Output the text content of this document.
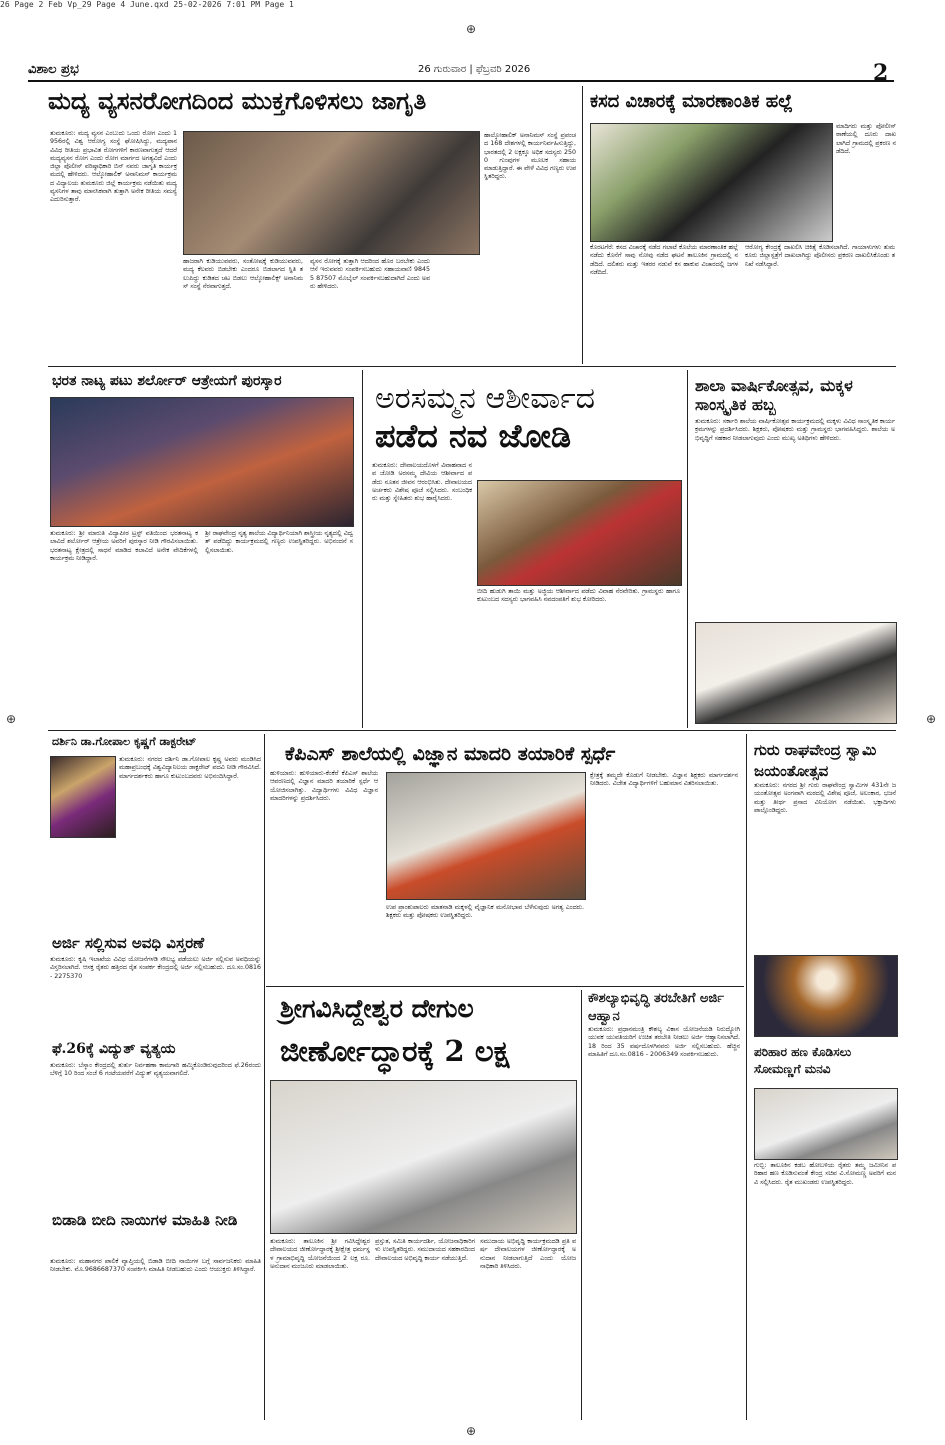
26 Page 2 Feb Vp_29 Page 4 June.qxd 25-02-2026 7:01 PM Page 1
ವಿಶಾಲ ಪ್ರಭ	26 ಗುರುವಾರ | ಫೆಬ್ರವರಿ 2026	2
⊕
⊕	⊕
⊕
ಮದ್ಯ ವ್ಯಸನರೋಗದಿಂದ ಮುಕ್ತಗೊಳಿಸಲು ಜಾಗೃತಿ
ತುಮಕೂರು: ಮದ್ಯ ವ್ಯಸನ ಎಂಬುದು ಒಂದು ರೋಗ ಎಂದು 1956ರಲ್ಲಿ ವಿಶ್ವ ಆರೋಗ್ಯ ಸಂಸ್ಥೆ ಘೋಷಿಸಿದ್ದು, ಮದ್ಯಪಾನ ವಿವಿಧ ರೀತಿಯ ಪ್ರಭಾವಿತ ರೋಗಗಳಿಗೆ ಕಾರಣವಾಗುತ್ತದೆ ಆದರೆ ಮದ್ಯವ್ಯಸನ ರೋಗ ಎಂದು ರೋಗ ಮಾರ್ಗದ ಅಗತ್ಯವಿದೆ ಎಂದು ಜಿಲ್ಲಾ ಪೊಲೀಸ್ ವರಿಷ್ಠಾಧಿಕಾರಿ ಬಿನ್ ನವರು ಜಾಗೃತಿ ಕಾರ್ಯಕ್ರಮದಲ್ಲಿ ಹೇಳಿದರು. ಆಲ್ಕೋಹಾಲಿಕ್ ಅನಾನಿಮಸ್ ಕಾರ್ಯಕ್ರಮದ ವಿದ್ಯಾಲಯ ತುಮಕೂರು ಜಿಲ್ಲೆ ಕಾರ್ಯಕ್ರಮ ನಡೆಯಿತು ಮದ್ಯ ವ್ಯಸನಿಗಳ ತಾವು ಮಾನಸಿಕವಾಗಿ ತುತ್ತಾಗಿ ಅನೇಕ ರೀತಿಯ ಸಮಸ್ಯೆ ಎದುರಿಸುತ್ತಾರೆ.
ಹಾಜರಾಗಿ ಕುಡಿಯುವವರು, ಸಂತೋಷಕ್ಕೆ ಕುಡಿಯುವವರು, ಮದ್ಯ ಕೆಲವರು ಬಿಡಬೇಕು ಎಂದರೂ ಬಿಡಲಾಗದ ಸ್ಥಿತಿ ತಲುಪಿದ್ದು ಕುಡಿತದ ಚಟ ಬಿಡಲು ಆಲ್ಕೋಹಾಲಿಕ್ಸ್ ಅನಾನಿಮಸ್ ಸಂಸ್ಥೆ ನೆರವಾಗುತ್ತದೆ.
ವ್ಯಸನ ರೋಗಕ್ಕೆ ತುತ್ತಾಗಿ ಆದರಿಂದ ಹೊರ ಬರಬೇಕು ಎಂದು ಆಸೆ ಇರುವವರು ಸಂಪರ್ಕಿಸಬಹುದು ಸಹಾಯವಾಣಿ 98455 87507 ಮೊಬೈಲ್ ಸಂಪರ್ಕಿಸಬಹುದಾಗಿದೆ ಎಂದು ಅವರು ಹೇಳಿದರು.
ಹಾಲ್ಕೋಹಾಲಿಕ್ ಅನಾನಿಮಸ್ ಸಂಸ್ಥೆ ಪ್ರಪಂಚದ 168 ದೇಶಗಳಲ್ಲಿ ಕಾರ್ಯನಿರ್ವಹಿಸುತ್ತಿದ್ದು, ಭಾರತದಲ್ಲಿ 2 ಲಕ್ಷಕ್ಕೂ ಅಧಿಕ ಸದಸ್ಯರು 2500 ಗುಂಪುಗಳ ಮೂಲಕ ಸಹಾಯ ಮಾಡುತ್ತಿದ್ದಾರೆ. ಈ ವೇಳೆ ವಿವಿಧ ಗಣ್ಯರು ಉಪಸ್ಥಿತರಿದ್ದರು.
ಕಸದ ವಿಚಾರಕ್ಕೆ ಮಾರಣಾಂತಿಕ ಹಲ್ಲೆ
ಮಾದಿಗರು ಮತ್ತು ಪೋಲೀಸ್ ಠಾಣೆಯಲ್ಲಿ ದೂರು ದಾಖಲಾಗಿದೆ ಗ್ರಾಮದಲ್ಲಿ ಪ್ರಕರಣ ನಡೆದಿದೆ.
ಕೊರಟಗೆರೆ: ಕಸದ ವಿಚಾರಕ್ಕೆ ನಡೆದ ಗಲಾಟೆ ಕೊಲೆಯ ಮಾರಣಾಂತಿಕ ಹಲ್ಲೆ ನಡೆದು ಕೊನೆಗೆ ಸಾವು ನೋವು ನಡೆದ ಘಟನೆ ತಾಲೂಕಿನ ಗ್ರಾಮದಲ್ಲಿ ನಡೆದಿದೆ. ದಲಿತರು ಮತ್ತು ಇತರರ ನಡುವೆ ಕಸ ಹಾಕುವ ವಿಚಾರದಲ್ಲಿ ಜಗಳ ನಡೆದಿದೆ.
ಆರೋಗ್ಯ ಕೇಂದ್ರಕ್ಕೆ ದಾಖಲಿಸಿ ಚಿಕಿತ್ಸೆ ಕೊಡಿಸಲಾಗಿದೆ. ಗಾಯಾಳುಗಳು ತುಮಕೂರು ಜಿಲ್ಲಾಸ್ಪತ್ರೆಗೆ ದಾಖಲಾಗಿದ್ದು ಪೊಲೀಸರು ಪ್ರಕರಣ ದಾಖಲಿಸಿಕೊಂಡು ತನಿಖೆ ನಡೆಸಿದ್ದಾರೆ.
ಭರತ ನಾಟ್ಯ ಪಟು ಶರ್ಲೋರ್ ಆತ್ರೇಯಗೆ ಪುರಸ್ಕಾರ
ತುಮಕೂರು: ಶ್ರೀ ಮಾರುತಿ ವಿದ್ಯಾಪೀಠ ಟ್ರಸ್ಟ್ ವತಿಯಿಂದ ಭರತನಾಟ್ಯ ಕಲಾವಿದೆ ಶರ್ಲೋರ್ ಆತ್ರೇಯ ಅವರಿಗೆ ಪುರಸ್ಕಾರ ನೀಡಿ ಗೌರವಿಸಲಾಯಿತು. ಭರತನಾಟ್ಯ ಕ್ಷೇತ್ರದಲ್ಲಿ ಸಾಧನೆ ಮಾಡಿದ ಕಲಾವಿದೆ ಅನೇಕ ವೇದಿಕೆಗಳಲ್ಲಿ ಕಾರ್ಯಕ್ರಮ ನೀಡಿದ್ದಾರೆ.
ಶ್ರೀ ರಾಘವೇಂದ್ರ ನೃತ್ಯ ಶಾಲೆಯ ವಿದ್ಯಾರ್ಥಿನಿಯಾಗಿ ಶಾಸ್ತ್ರೀಯ ನೃತ್ಯದಲ್ಲಿ ವಿದ್ವತ್ ಪಡೆದಿದ್ದು ಕಾರ್ಯಕ್ರಮದಲ್ಲಿ ಗಣ್ಯರು ಉಪಸ್ಥಿತರಿದ್ದರು. ಅಭಿನಂದನೆ ಸಲ್ಲಿಸಲಾಯಿತು.
ಅರಸಮ್ಮನ ಆಶೀರ್ವಾದ
ಪಡೆದ ನವ ಜೋಡಿ
ತುಮಕೂರು: ದೇವಾಲಯದೊಳಗೆ ವಿವಾಹವಾದ ನವ ಜೋಡಿ ಅರಸಮ್ಮ ದೇವಿಯ ಆಶೀರ್ವಾದ ಪಡೆದು ನೂತನ ಜೀವನ ಆರಂಭಿಸಿತು. ದೇವಾಲಯದ ಅರ್ಚಕರು ವಿಶೇಷ ಪೂಜೆ ಸಲ್ಲಿಸಿದರು. ಸಂಬಂಧಿಕರು ಮತ್ತು ಸ್ನೇಹಿತರು ಶುಭ ಹಾರೈಸಿದರು.
ಬೀದಿ ಹುಡುಗಿ ತಾಯಿ ಮತ್ತು ಅಜ್ಜಿಯ ಆಶೀರ್ವಾದ ಪಡೆದು ವಿವಾಹ ನೆರವೇರಿತು. ಗ್ರಾಮಸ್ಥರು ಹಾಗೂ ಕುಟುಂಬದ ಸದಸ್ಯರು ಭಾಗವಹಿಸಿ ನವದಂಪತಿಗೆ ಶುಭ ಕೋರಿದರು.
ಶಾಲಾ ವಾರ್ಷಿಕೋತ್ಸವ, ಮಕ್ಕಳ ಸಾಂಸ್ಕೃತಿಕ ಹಬ್ಬ
ತುಮಕೂರು: ಸರ್ಕಾರಿ ಶಾಲೆಯ ವಾರ್ಷಿಕೋತ್ಸವ ಕಾರ್ಯಕ್ರಮದಲ್ಲಿ ಮಕ್ಕಳು ವಿವಿಧ ಸಾಂಸ್ಕೃತಿಕ ಕಾರ್ಯಕ್ರಮಗಳನ್ನು ಪ್ರದರ್ಶಿಸಿದರು. ಶಿಕ್ಷಕರು, ಪೋಷಕರು ಮತ್ತು ಗ್ರಾಮಸ್ಥರು ಭಾಗವಹಿಸಿದ್ದರು. ಶಾಲೆಯ ಅಭಿವೃದ್ಧಿಗೆ ಸಹಕಾರ ನೀಡಲಾಗುವುದು ಎಂದು ಮುಖ್ಯ ಅತಿಥಿಗಳು ಹೇಳಿದರು.
ದರ್ಶಿನಿ ಡಾ.ಗೋಪಾಲ ಕೃಷ್ಣಗೆ ಡಾಕ್ಟರೇಟ್
ತುಮಕೂರು: ನಗರದ ದರ್ಶಿನಿ ಡಾ.ಗೋಪಾಲ ಕೃಷ್ಣ ಅವರು ಮಂಡಿಸಿದ ಮಹಾಪ್ರಬಂಧಕ್ಕೆ ವಿಶ್ವವಿದ್ಯಾನಿಲಯ ಡಾಕ್ಟರೇಟ್ ಪದವಿ ನೀಡಿ ಗೌರವಿಸಿದೆ. ಮಾರ್ಗದರ್ಶಕರು ಹಾಗೂ ಕುಟುಂಬದವರು ಅಭಿನಂದಿಸಿದ್ದಾರೆ.
ಅರ್ಜಿ ಸಲ್ಲಿಸುವ ಅವಧಿ ವಿಸ್ತರಣೆ
ತುಮಕೂರು: ಕೃಷಿ ಇಲಾಖೆಯ ವಿವಿಧ ಯೋಜನೆಗಳಡಿ ಸೌಲಭ್ಯ ಪಡೆಯಲು ಅರ್ಜಿ ಸಲ್ಲಿಸುವ ಅವಧಿಯನ್ನು ವಿಸ್ತರಿಸಲಾಗಿದೆ. ಆಸಕ್ತ ರೈತರು ಹತ್ತಿರದ ರೈತ ಸಂಪರ್ಕ ಕೇಂದ್ರದಲ್ಲಿ ಅರ್ಜಿ ಸಲ್ಲಿಸಬಹುದು. ದೂ.ಸಂ.0816 - 2275370
ಫೆ.26ಕ್ಕೆ ವಿದ್ಯುತ್ ವ್ಯತ್ಯಯ
ತುಮಕೂರು: ಬೆಸ್ಕಾಂ ಕೇಂದ್ರದಲ್ಲಿ ತುರ್ತು ನಿರ್ವಹಣಾ ಕಾಮಗಾರಿ ಹಮ್ಮಿಕೊಂಡಿರುವುದರಿಂದ ಫೆ.26ರಂದು ಬೆಳಿಗ್ಗೆ 10 ರಿಂದ ಸಂಜೆ 6 ಗಂಟೆಯವರೆಗೆ ವಿದ್ಯುತ್ ವ್ಯತ್ಯಯವಾಗಲಿದೆ.
ಬಿಡಾಡಿ ಬೀದಿ ನಾಯಿಗಳ ಮಾಹಿತಿ ನೀಡಿ
ತುಮಕೂರು: ಮಹಾನಗರ ಪಾಲಿಕೆ ವ್ಯಾಪ್ತಿಯಲ್ಲಿ ಬಿಡಾಡಿ ಬೀದಿ ನಾಯಿಗಳ ಬಗ್ಗೆ ಸಾರ್ವಜನಿಕರು ಮಾಹಿತಿ ನೀಡಬೇಕು. ಮೊ.9686687370 ಸಂಪರ್ಕಿಸಿ ಮಾಹಿತಿ ನೀಡಬಹುದು ಎಂದು ಆಯುಕ್ತರು ತಿಳಿಸಿದ್ದಾರೆ.
ಕೆಪಿಎಸ್ ಶಾಲೆಯಲ್ಲಿ ವಿಜ್ಞಾನ ಮಾದರಿ ತಯಾರಿಕೆ ಸ್ಪರ್ಧೆ
ಹುಳಿಯಾರು: ಹುಳಿಯಾರು-ಕೆಂಕೆರೆ ಕೆಪಿಎಸ್ ಶಾಲೆಯ ಆವರಣದಲ್ಲಿ ವಿಜ್ಞಾನ ಮಾದರಿ ತಯಾರಿಕೆ ಸ್ಪರ್ಧೆ ಆಯೋಜಿಸಲಾಗಿತ್ತು. ವಿದ್ಯಾರ್ಥಿಗಳು ವಿವಿಧ ವಿಜ್ಞಾನ ಮಾದರಿಗಳನ್ನು ಪ್ರದರ್ಶಿಸಿದರು.
ಉಪ ಪ್ರಾಂಶುಪಾಲರು ಮಾತನಾಡಿ ಮಕ್ಕಳಲ್ಲಿ ವೈಜ್ಞಾನಿಕ ಮನೋಭಾವ ಬೆಳೆಸುವುದು ಅಗತ್ಯ ಎಂದರು. ಶಿಕ್ಷಕರು ಮತ್ತು ಪೋಷಕರು ಉಪಸ್ಥಿತರಿದ್ದರು.
ಕ್ಷೇತ್ರಕ್ಕೆ ತಮ್ಮದೇ ಕೊಡುಗೆ ನೀಡಬೇಕು. ವಿಜ್ಞಾನ ಶಿಕ್ಷಕರು ಮಾರ್ಗದರ್ಶನ ನೀಡಿದರು. ವಿಜೇತ ವಿದ್ಯಾರ್ಥಿಗಳಿಗೆ ಬಹುಮಾನ ವಿತರಿಸಲಾಯಿತು.
ಗುರು ರಾಘವೇಂದ್ರ ಸ್ವಾಮಿ ಜಯಂತೋತ್ಸವ
ತುಮಕೂರು: ನಗರದ ಶ್ರೀ ಗುರು ರಾಘವೇಂದ್ರ ಸ್ವಾಮಿಗಳ 431ನೇ ಜಯಂತೋತ್ಸವ ಅಂಗವಾಗಿ ಮಠದಲ್ಲಿ ವಿಶೇಷ ಪೂಜೆ, ಅಲಂಕಾರ, ಭಜನೆ ಮತ್ತು ತೀರ್ಥ ಪ್ರಸಾದ ವಿನಿಯೋಗ ನಡೆಯಿತು. ಭಕ್ತಾದಿಗಳು ಪಾಲ್ಗೊಂಡಿದ್ದರು.
ಶ್ರೀಗವಿಸಿದ್ದೇಶ್ವರ ದೇಗುಲ
ಜೀರ್ಣೋದ್ಧಾರಕ್ಕೆ 2 ಲಕ್ಷ
ತುಮಕೂರು: ತಾಲೂಕಿನ ಶ್ರೀ ಗವಿಸಿದ್ದೇಶ್ವರ ದೇವಾಲಯದ ಜೀರ್ಣೋದ್ಧಾರಕ್ಕೆ ಶ್ರೀಕ್ಷೇತ್ರ ಧರ್ಮಸ್ಥಳ ಗ್ರಾಮಾಭಿವೃದ್ಧಿ ಯೋಜನೆಯಿಂದ 2 ಲಕ್ಷ ರೂ. ಅನುದಾನ ಮಂಜೂರು ಮಾಡಲಾಯಿತು.
ಪ್ರಸ್ತುತ, ಸಮಿತಿ ಕಾರ್ಯದರ್ಶಿ, ಯೋಜನಾಧಿಕಾರಿಗಳು ಉಪಸ್ಥಿತರಿದ್ದರು. ಸಮುದಾಯದ ಸಹಕಾರದಿಂದ ದೇವಾಲಯದ ಅಭಿವೃದ್ಧಿ ಕಾರ್ಯ ನಡೆಯುತ್ತಿದೆ.
ಸಮುದಾಯ ಅಭಿವೃದ್ಧಿ ಕಾರ್ಯಕ್ರಮದಡಿ ಪ್ರತಿ ವರ್ಷ ದೇವಾಲಯಗಳ ಜೀರ್ಣೋದ್ಧಾರಕ್ಕೆ ಅನುದಾನ ನೀಡಲಾಗುತ್ತಿದೆ ಎಂದು ಯೋಜನಾಧಿಕಾರಿ ತಿಳಿಸಿದರು.
ಕೌಶಲ್ಯಾಭಿವೃದ್ಧಿ ತರಬೇತಿಗೆ ಅರ್ಜಿ ಆಹ್ವಾನ
ತುಮಕೂರು: ಪ್ರಧಾನಮಂತ್ರಿ ಕೌಶಲ್ಯ ವಿಕಾಸ ಯೋಜನೆಯಡಿ ನಿರುದ್ಯೋಗಿ ಯುವಕ ಯುವತಿಯರಿಗೆ ಉಚಿತ ತರಬೇತಿ ನೀಡಲು ಅರ್ಜಿ ಆಹ್ವಾನಿಸಲಾಗಿದೆ. 18 ರಿಂದ 35 ವರ್ಷದೊಳಗಿನವರು ಅರ್ಜಿ ಸಲ್ಲಿಸಬಹುದು. ಹೆಚ್ಚಿನ ಮಾಹಿತಿಗೆ ದೂ.ಸಂ.0816 - 2006349 ಸಂಪರ್ಕಿಸಬಹುದು.	ಪರಿಹಾರ ಹಣ ಕೊಡಿಸಲು ಸೋಮಣ್ಣಗೆ ಮನವಿ
ಗುಬ್ಬಿ: ತಾಲೂಕಿನ ಕಡಬ ಹೋಬಳಿಯ ರೈತರು ತಮ್ಮ ಜಮೀನಿನ ಪರಿಹಾರ ಹಣ ಕೊಡಿಸುವಂತೆ ಕೇಂದ್ರ ಸಚಿವ ವಿ.ಸೋಮಣ್ಣ ಅವರಿಗೆ ಮನವಿ ಸಲ್ಲಿಸಿದರು. ರೈತ ಮುಖಂಡರು ಉಪಸ್ಥಿತರಿದ್ದರು.
